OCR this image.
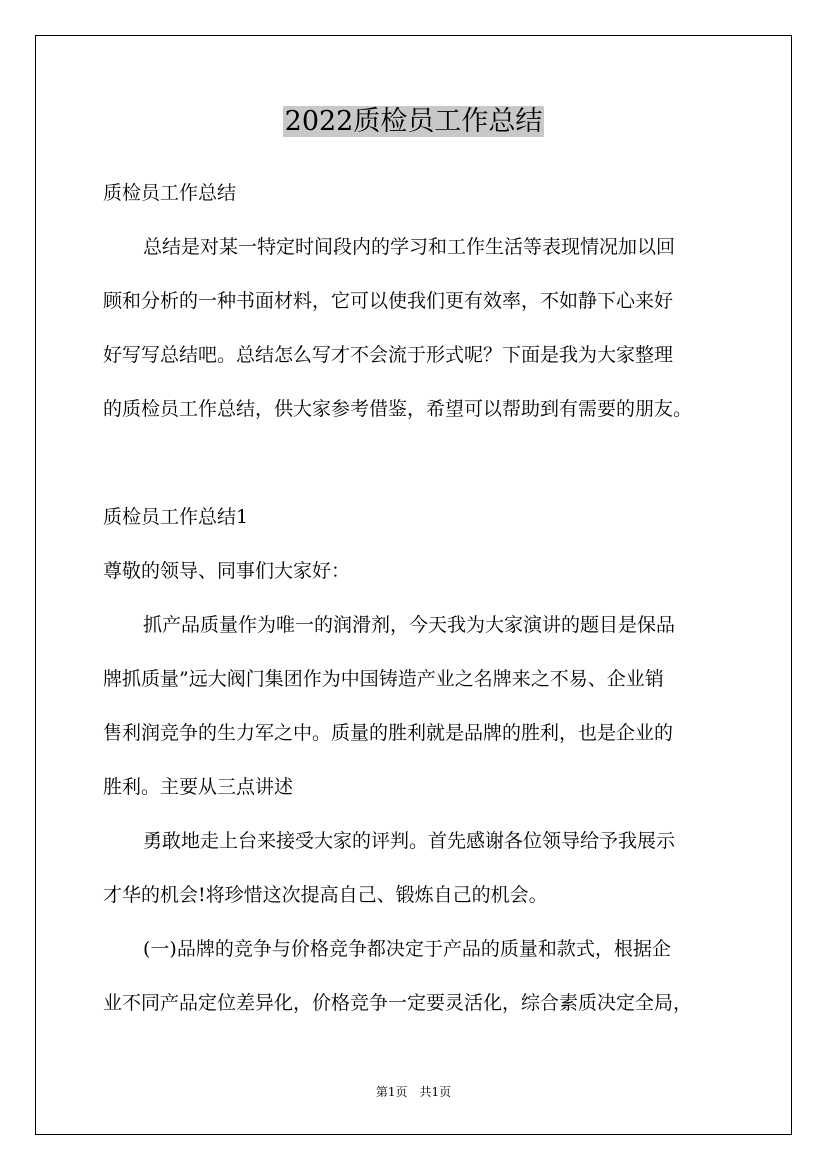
2022质检员工作总结

质检员工作总结

总结是对某一特定时间段内的学习和工作生活等表现情况加以回

顾和分析的一种书面材料，它可以使我们更有效率，不如静下心来好

好写写总结吧。总结怎么写才不会流于形式呢？下面是我为大家整理

的质检员工作总结，供大家参考借鉴，希望可以帮助到有需要的朋友。

质检员工作总结1

尊敬的领导、同事们大家好：

抓产品质量作为唯一的润滑剂，今天我为大家演讲的题目是保品

牌抓质量”远大阀门集团作为中国铸造产业之名牌来之不易、企业销

售利润竞争的生力军之中。质量的胜利就是品牌的胜利，也是企业的

胜利。主要从三点讲述

勇敢地走上台来接受大家的评判。首先感谢各位领导给予我展示

才华的机会!将珍惜这次提高自己、锻炼自己的机会。

(一)品牌的竞争与价格竞争都决定于产品的质量和款式，根据企

业不同产品定位差异化，价格竞争一定要灵活化，综合素质决定全局，

第1页　共1页
